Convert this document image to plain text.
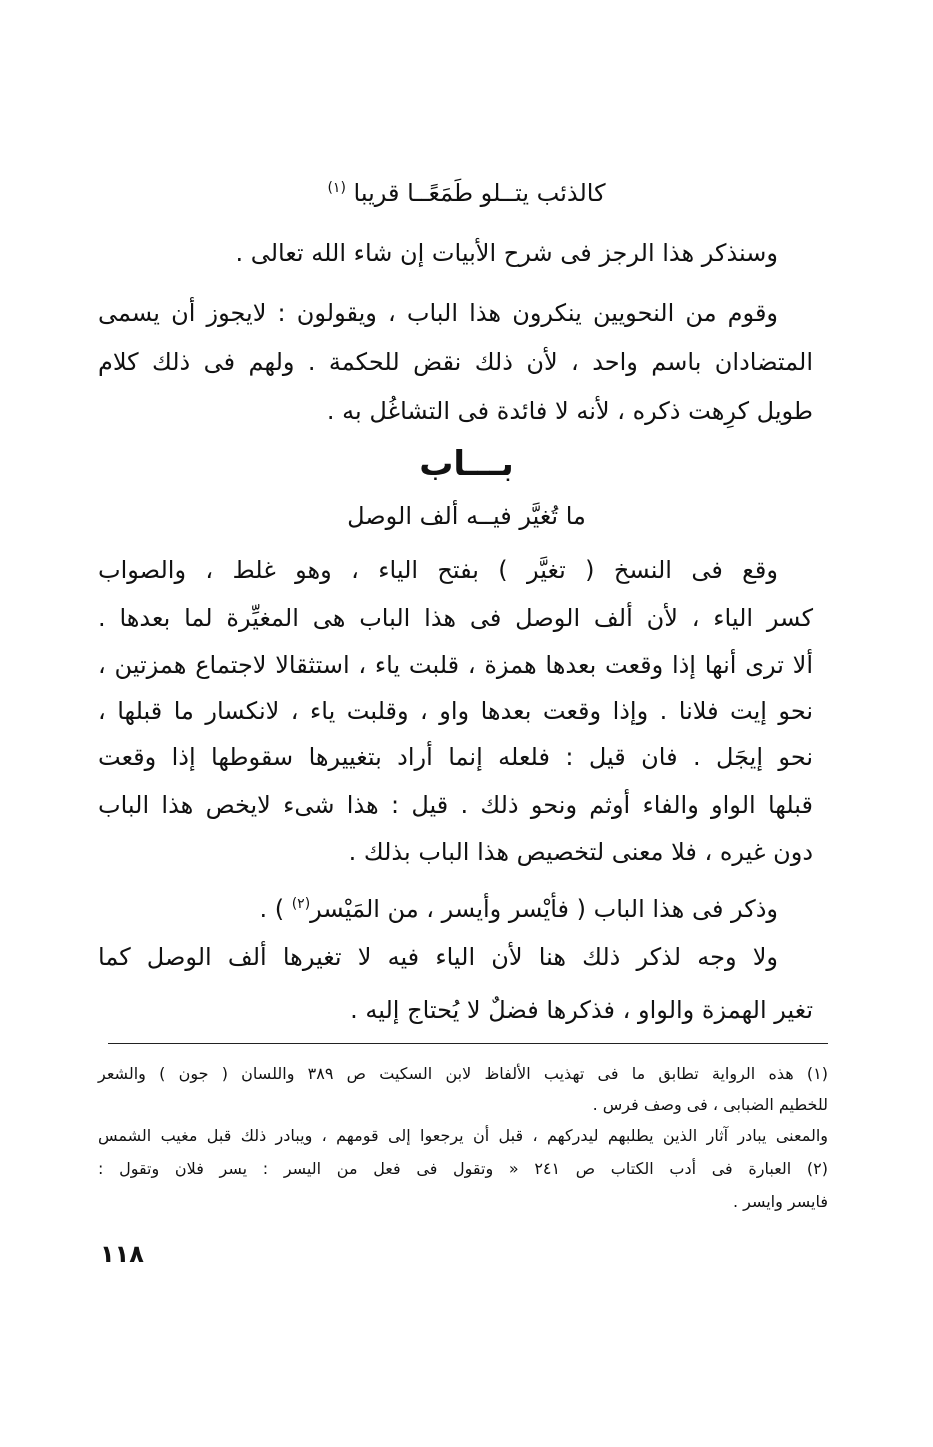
كالذئب يتــلو طَمَعًــا قريبا $^{(١)}$
وسنذكر هذا الرجز فى شرح الأبيات إن شاء الله تعالى .
وقوم من النحويين ينكرون هذا الباب ، ويقولون : لايجوز أن يسمى
المتضادان باسم واحد ، لأن ذلك نقض للحكمة . ولهم فى ذلك كلام
طويل كرِهت ذكره ، لأنه لا فائدة فى التشاغُل به .
بـــاب
ما تُغيَّر فيــه ألف الوصل
وقع فى النسخ ( تغيَّر ) بفتح الياء ، وهو غلط ، والصواب
كسر الياء ، لأن ألف الوصل فى هذا الباب هى المغيِّرة لما بعدها .
ألا ترى أنها إذا وقعت بعدها همزة ، قلبت ياء ، استثقالا لاجتماع همزتين ،
نحو إيت فلانا . وإذا وقعت بعدها واو ، وقلبت ياء ، لانكسار ما قبلها ،
نحو إيجَل . فان قيل : فلعله إنما أراد بتغييرها سقوطها إذا وقعت
قبلها الواو والفاء أوثم ونحو ذلك . قيل : هذا شىء لايخص هذا الباب
دون غيره ، فلا معنى لتخصيص هذا الباب بذلك .
وذكر فى هذا الباب ( فأيْسر وأيسر ، من المَيْسر$^{(٢)}$ ) .
ولا وجه لذكر ذلك هنا لأن الياء فيه لا تغيرها ألف الوصل كما
تغير الهمزة والواو ، فذكرها فضلٌ لا يُحتاج إليه .
(١) هذه الرواية تطابق ما فى تهذيب الألفاظ لابن السكيت ص ٣٨٩ واللسان ( جون ) والشعر
للخطيم الضبابى ، فى وصف فرس .
والمعنى يبادر آثار الذين يطلبهم ليدركهم ، قبل أن يرجعوا إلى قومهم ، ويبادر ذلك قبل مغيب الشمس
(٢) العبارة فى أدب الكتاب ص ٢٤١ « وتقول فى فعل من اليسر : يسر فلان وتقول :
فايسر وايسر .
١١٨
